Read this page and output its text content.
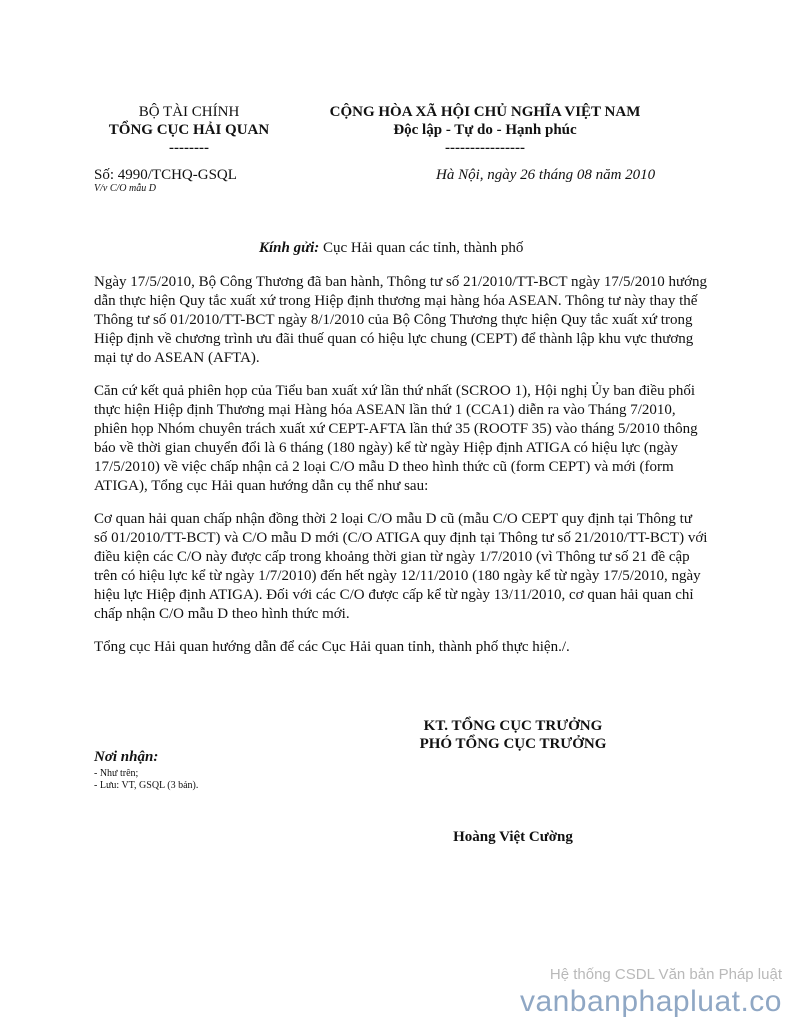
BỘ TÀI CHÍNH
TỔNG CỤC HẢI QUAN
--------
CỘNG HÒA XÃ HỘI CHỦ NGHĨA VIỆT NAM
Độc lập - Tự do - Hạnh phúc
----------------
Số: 4990/TCHQ-GSQL
V/v C/O mẫu D
Hà Nội, ngày 26 tháng 08 năm 2010
Kính gửi: Cục Hải quan các tỉnh, thành phố

Ngày 17/5/2010, Bộ Công Thương đã ban hành, Thông tư số 21/2010/TT-BCT ngày 17/5/2010 hướng dẫn thực hiện Quy tắc xuất xứ trong Hiệp định thương mại hàng hóa ASEAN. Thông tư này thay thế Thông tư số 01/2010/TT-BCT ngày 8/1/2010 của Bộ Công Thương thực hiện Quy tắc xuất xứ trong Hiệp định về chương trình ưu đãi thuế quan có hiệu lực chung (CEPT) để thành lập khu vực thương mại tự do ASEAN (AFTA).

Căn cứ kết quả phiên họp của Tiểu ban xuất xứ lần thứ nhất (SCROO 1), Hội nghị Ủy ban điều phối thực hiện Hiệp định Thương mại Hàng hóa ASEAN lần thứ 1 (CCA1) diễn ra vào Tháng 7/2010, phiên họp Nhóm chuyên trách xuất xứ CEPT-AFTA lần thứ 35 (ROOTF 35) vào tháng 5/2010 thông báo về thời gian chuyển đổi là 6 tháng (180 ngày) kể từ ngày Hiệp định ATIGA có hiệu lực (ngày 17/5/2010) về việc chấp nhận cả 2 loại C/O mẫu D theo hình thức cũ (form CEPT) và mới (form ATIGA), Tổng cục Hải quan hướng dẫn cụ thể như sau:

Cơ quan hải quan chấp nhận đồng thời 2 loại C/O mẫu D cũ (mẫu C/O CEPT quy định tại Thông tư số 01/2010/TT-BCT) và C/O mẫu D mới (C/O ATIGA quy định tại Thông tư số 21/2010/TT-BCT) với điều kiện các C/O này được cấp trong khoảng thời gian từ ngày 1/7/2010 (vì Thông tư số 21 đề cập trên có hiệu lực kể từ ngày 1/7/2010) đến hết ngày 12/11/2010 (180 ngày kể từ ngày 17/5/2010, ngày hiệu lực Hiệp định ATIGA). Đối với các C/O được cấp kể từ ngày 13/11/2010, cơ quan hải quan chỉ chấp nhận C/O mẫu D theo hình thức mới.

Tổng cục Hải quan hướng dẫn để các Cục Hải quan tỉnh, thành phố thực hiện./.

KT. TỔNG CỤC TRƯỞNG
PHÓ TỔNG CỤC TRƯỞNG
Hoàng Việt Cường
Nơi nhận:
- Như trên;
- Lưu: VT, GSQL (3 bản).
Hệ thống CSDL Văn bản Pháp luật
vanbanphapluat.co
